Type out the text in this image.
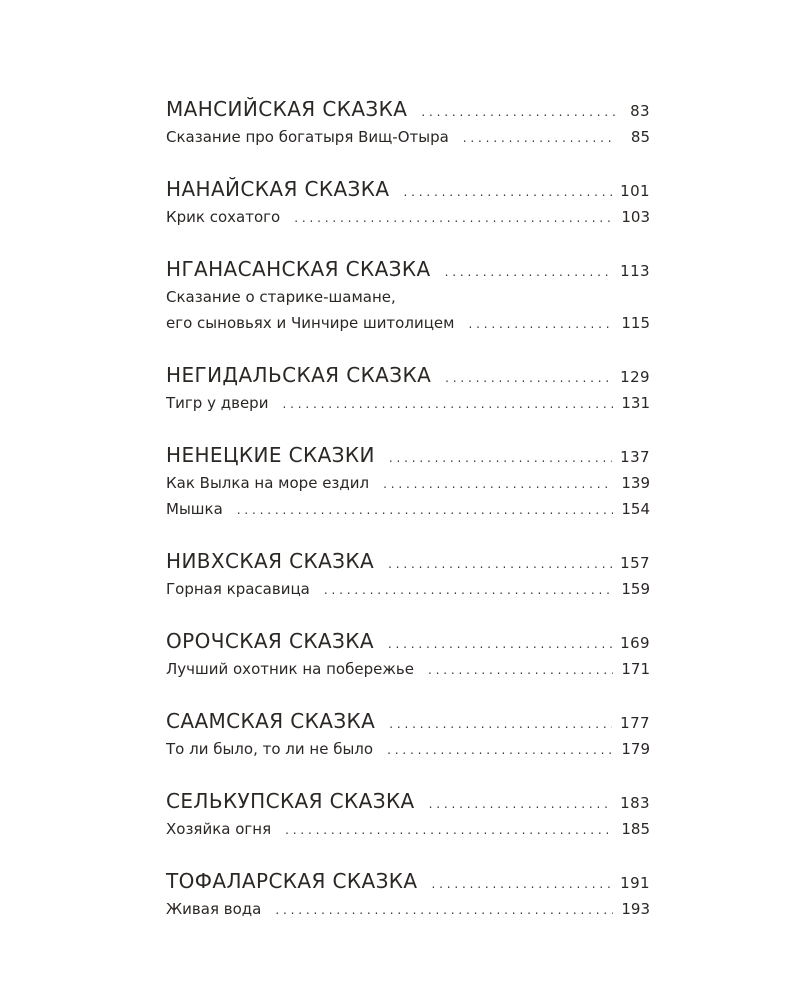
МАНСИЙСКАЯ СКАЗКА . . .	83
Сказание про богатыря Вищ-Отыра . . .	85
НАНАЙСКАЯ СКАЗКА . . .	101
Крик сохатого . . .	103
НГАНАСАНСКАЯ СКАЗКА . . .	113
Сказание о старике-шамане,
его сыновьях и Чинчире шитолицем . . .	115
НЕГИДАЛЬСКАЯ СКАЗКА . . .	129
Тигр у двери . . .	131
НЕНЕЦКИЕ СКАЗКИ . . .	137
Как Вылка на море ездил . . .	139
Мышка . . .	154
НИВХСКАЯ СКАЗКА . . .	157
Горная красавица . . .	159
ОРОЧСКАЯ СКАЗКА . . .	169
Лучший охотник на побережье . . .	171
СААМСКАЯ СКАЗКА . . .	177
То ли было, то ли не было . . .	179
СЕЛЬКУПСКАЯ СКАЗКА . . .	183
Хозяйка огня . . .	185
ТОФАЛАРСКАЯ СКАЗКА . . .	191
Живая вода . . .	193
